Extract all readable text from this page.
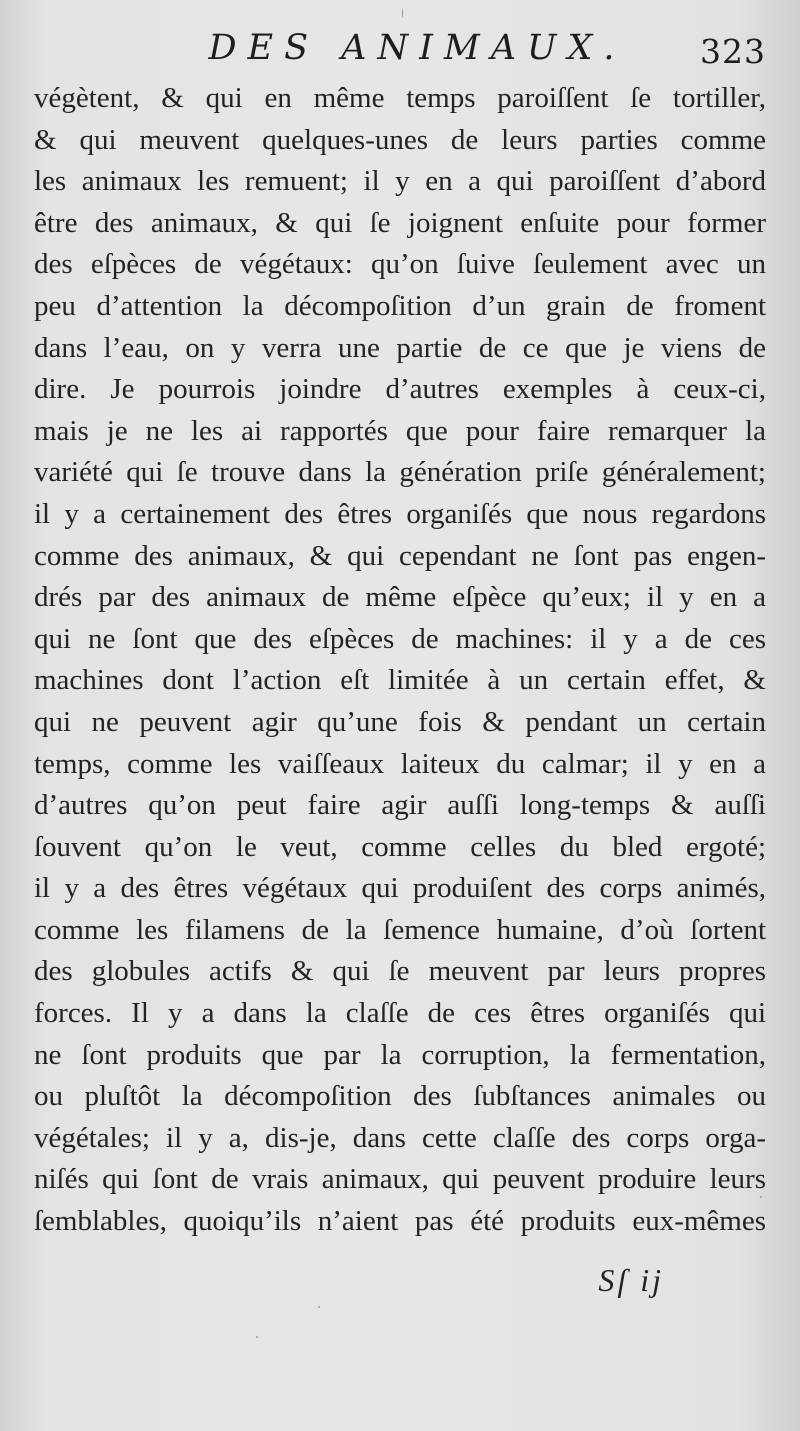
DES ANIMAUX.	323
végètent, & qui en même temps paroiſſent ſe tortiller,
& qui meuvent quelques-unes de leurs parties comme
les animaux les remuent; il y en a qui paroiſſent d’abord
être des animaux, & qui ſe joignent enſuite pour former
des eſpèces de végétaux: qu’on ſuive ſeulement avec un
peu d’attention la décompoſition d’un grain de froment
dans l’eau, on y verra une partie de ce que je viens de
dire. Je pourrois joindre d’autres exemples à ceux-ci,
mais je ne les ai rapportés que pour faire remarquer la
variété qui ſe trouve dans la génération priſe généralement;
il y a certainement des êtres organiſés que nous regardons
comme des animaux, & qui cependant ne ſont pas engen-
drés par des animaux de même eſpèce qu’eux; il y en a
qui ne ſont que des eſpèces de machines: il y a de ces
machines dont l’action eſt limitée à un certain effet, &
qui ne peuvent agir qu’une fois & pendant un certain
temps, comme les vaiſſeaux laiteux du calmar; il y en a
d’autres qu’on peut faire agir auſſi long-temps & auſſi
ſouvent qu’on le veut, comme celles du bled ergoté;
il y a des êtres végétaux qui produiſent des corps animés,
comme les filamens de la ſemence humaine, d’où ſortent
des globules actifs & qui ſe meuvent par leurs propres
forces. Il y a dans la claſſe de ces êtres organiſés qui
ne ſont produits que par la corruption, la fermentation,
ou pluſtôt la décompoſition des ſubſtances animales ou
végétales; il y a, dis-je, dans cette claſſe des corps orga-
niſés qui ſont de vrais animaux, qui peuvent produire leurs
ſemblables, quoiqu’ils n’aient pas été produits eux-mêmes
Sſ ij
